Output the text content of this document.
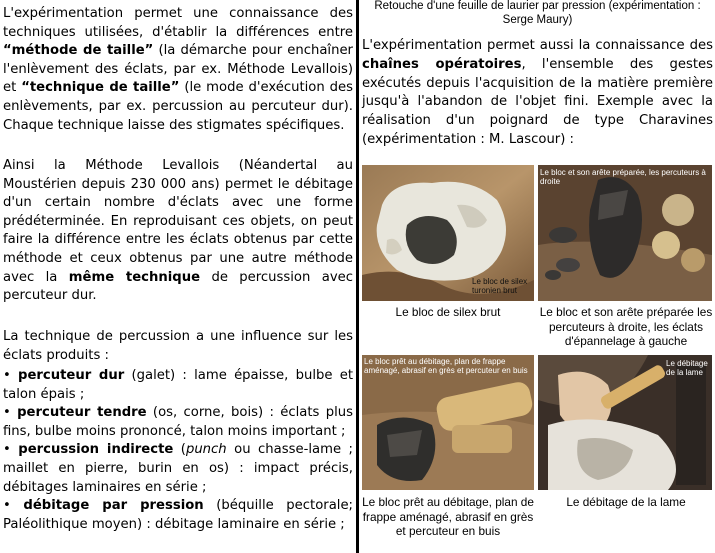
L'expérimentation permet une connaissance des techniques utilisées, d'établir la différences entre “méthode de taille” (la démarche pour enchaîner l'enlèvement des éclats, par ex. Méthode Levallois) et “technique de taille” (le mode d'exécution des enlèvements, par ex. percussion au percuteur dur). Chaque technique laisse des stigmates spécifiques.

Ainsi la Méthode Levallois (Néandertal au Moustérien depuis 230 000 ans) permet le débitage d'un certain nombre d'éclats avec une forme prédéterminée. En reproduisant ces objets, on peut faire la différence entre les éclats obtenus par cette méthode et ceux obtenus par une autre méthode avec la même technique de percussion avec percuteur dur.

La technique de percussion a une influence sur les éclats produits :

• percuteur dur (galet) : lame épaisse, bulbe et talon épais ;
• percuteur tendre (os, corne, bois) : éclats plus fins, bulbe moins prononcé, talon moins important ;
• percussion indirecte (punch ou chasse-lame ; maillet en pierre, burin en os) : impact précis, débitages laminaires en série ;
• débitage par pression (béquille pectorale; Paléolithique moyen) : débitage laminaire en série ;
Retouche d'une feuille de laurier par pression (expérimentation : Serge Maury)
L'expérimentation permet aussi la connaissance des chaînes opératoires, l'ensemble des gestes exécutés depuis l'acquisition de la matière première jusqu'à l'abandon de l'objet fini. Exemple avec la réalisation d'un poignard de type Charavines (expérimentation : M. Lascour) :
Le bloc de silex turonien brut
Le bloc de silex brut
Le bloc et son arête préparée, les percuteurs à droite
Le bloc et son arête préparée les percuteurs à droite, les éclats d'épannelage à gauche
Le bloc prêt au débitage, plan de frappe aménagé, abrasif en grès et percuteur en buis
Le bloc prêt au débitage, plan de frappe aménagé, abrasif en grès et percuteur en buis
Le débitage de la lame
Le débitage de la lame
